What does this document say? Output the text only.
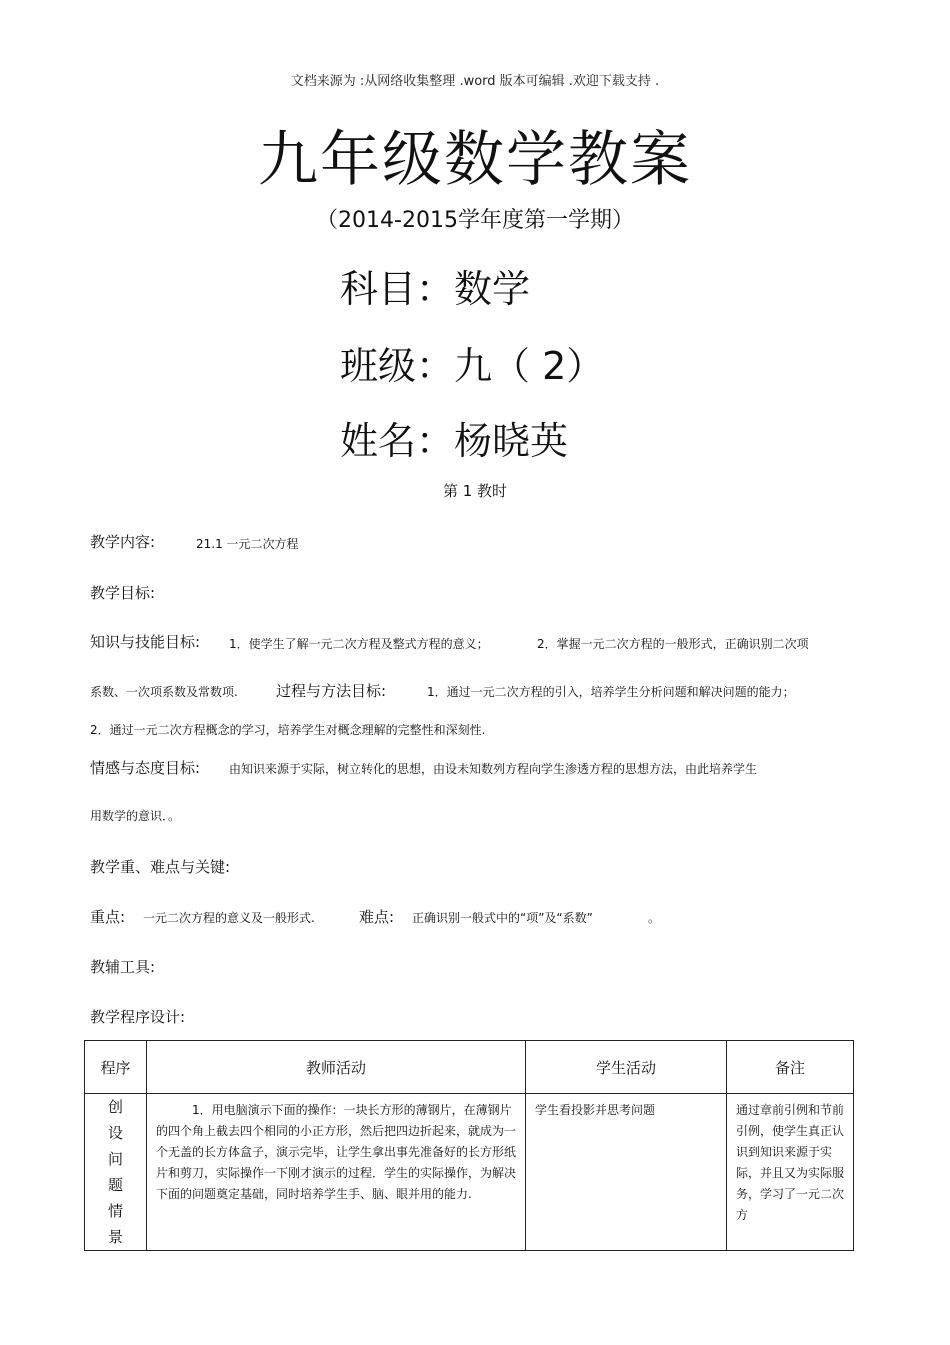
文档来源为 :从网络收集整理 .word 版本可编辑 .欢迎下载支持 .
九年级数学教案
（2014-2015学年度第一学期）
科目：数学
班级：九（ 2）
姓名：杨晓英
第 1 教时
教学内容:	21.1 一元二次方程
教学目标:
知识与技能目标: 1．使学生了解一元二次方程及整式方程的意义；	2．掌握一元二次方程的一般形式，正确识别二次项
系数、一次项系数及常数项.	过程与方法目标:	1．通过一元二次方程的引入，培养学生分析问题和解决问题的能力；
2．通过一元二次方程概念的学习，培养学生对概念理解的完整性和深刻性.
情感与态度目标: 由知识来源于实际，树立转化的思想，由设未知数列方程向学生渗透方程的思想方法，由此培养学生
用数学的意识．。
教学重、难点与关键:
重点: 一元二次方程的意义及一般形式.	难点: 正确识别一般式中的“项”及“系数”	。
教辅工具:
教学程序设计:
程序	教师活动	学生活动	备注
创设问题情景	1．用电脑演示下面的操作：一块长方形的薄钢片，在薄钢片的四个角上截去四个相同的小正方形，然后把四边折起来，就成为一个无盖的长方体盒子，演示完毕，让学生拿出事先准备好的长方形纸片和剪刀，实际操作一下刚才演示的过程．学生的实际操作，为解决下面的问题奠定基础，同时培养学生手、脑、眼并用的能力.	学生看投影并思考问题	通过章前引例和节前引例，使学生真正认识到知识来源于实际，并且又为实际服务，学习了一元二次方
